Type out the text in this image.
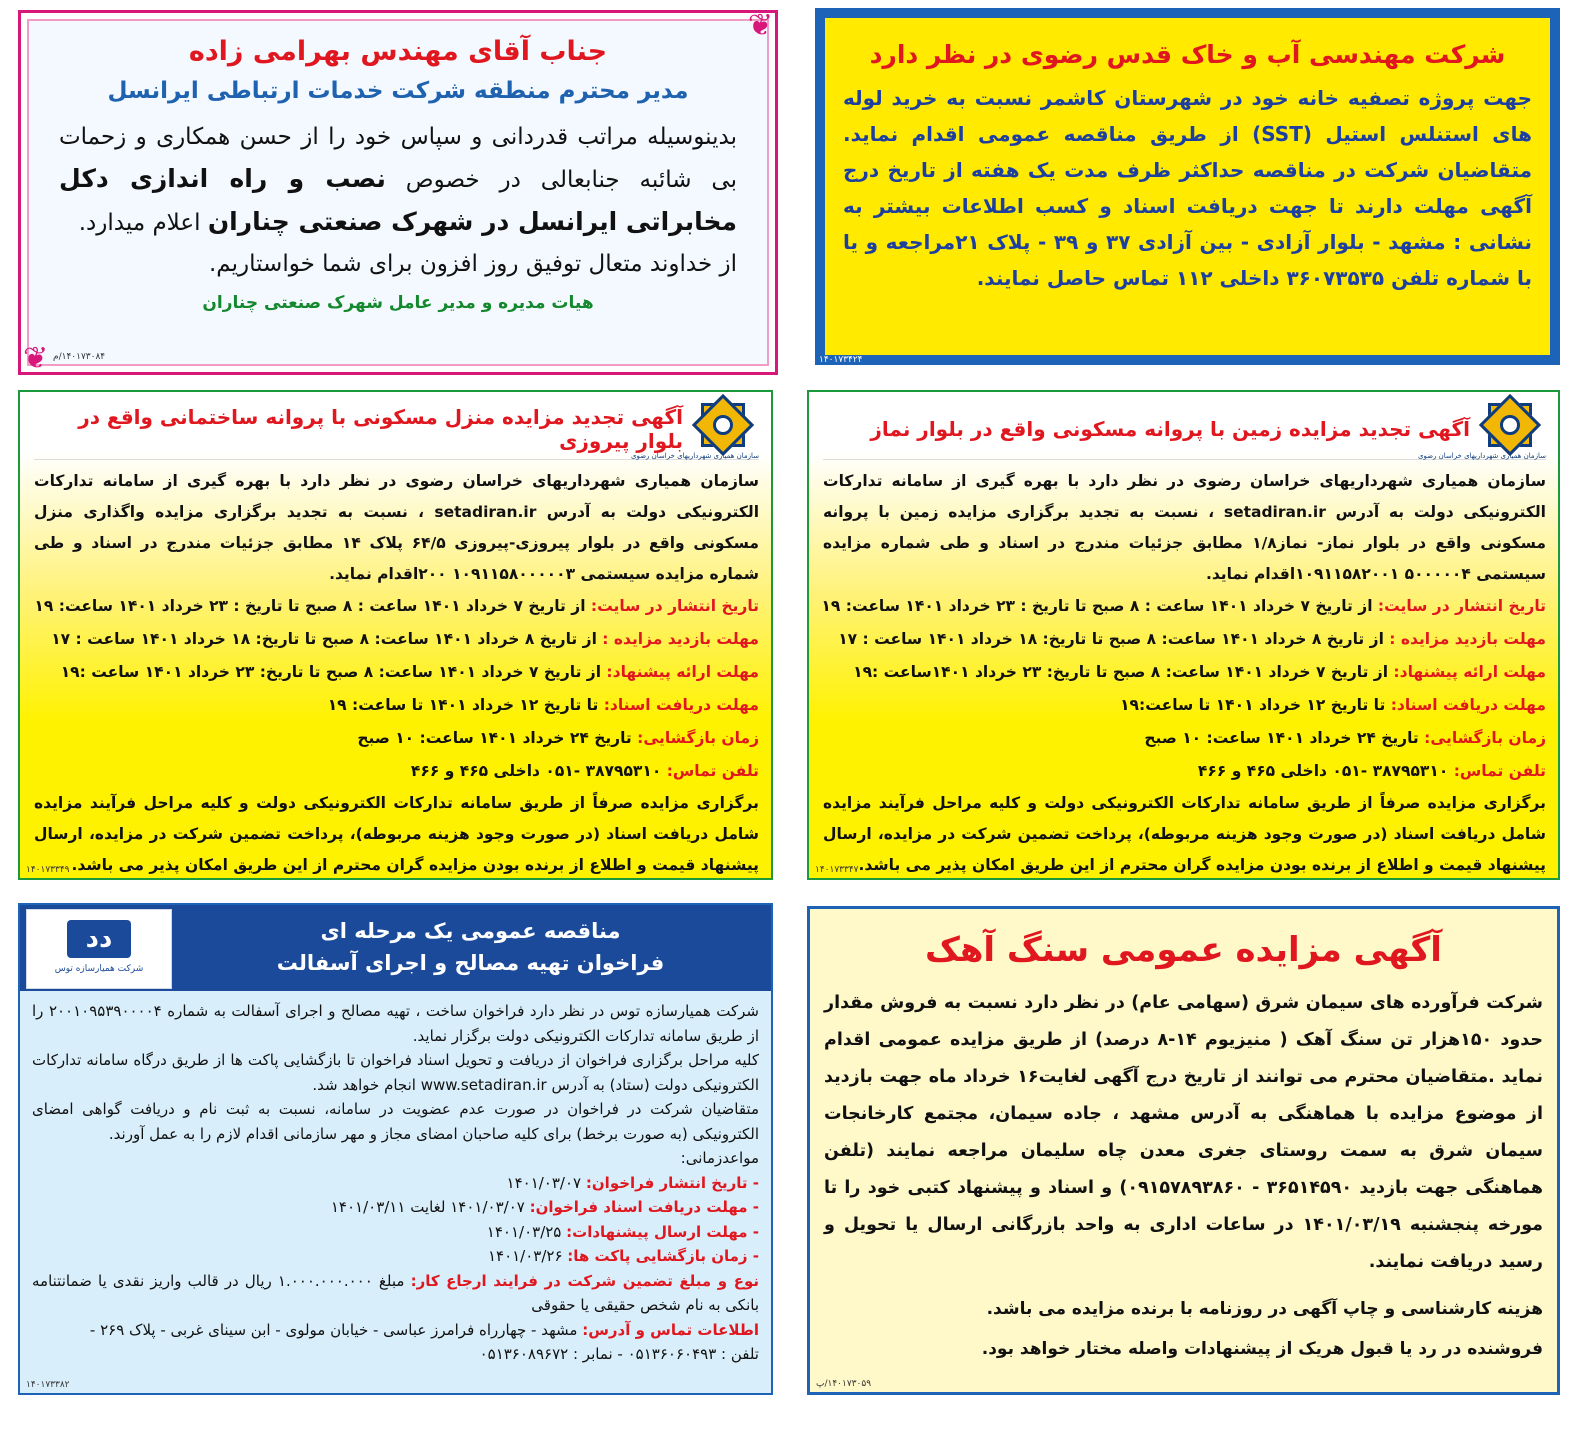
جناب آقای مهندس بهرامی زاده
مدیر محترم منطقه شرکت خدمات ارتباطی ایرانسل
بدینوسیله مراتب قدردانی و سپاس خود را از حسن همکاری و زحمات بی شائبه جنابعالی در خصوص نصب و راه اندازی دکل مخابراتی ایرانسل در شهرک صنعتی چناران اعلام میدارد.
از خداوند متعال توفیق روز افزون برای شما خواستاریم.
هیات مدیره و مدیر عامل شهرک صنعتی چناران
❦
❦ ۱۴۰۱۷۳۰۸۴/م
شرکت مهندسی آب و خاک قدس رضوی در نظر دارد
جهت پروژه تصفیه خانه خود در شهرستان کاشمر نسبت به خرید لوله های استنلس استیل (SST) از طریق مناقصه عمومی اقدام نماید. متقاضیان شرکت در مناقصه حداکثر ظرف مدت یک هفته از تاریخ درج آگهی مهلت دارند تا جهت دریافت اسناد و کسب اطلاعات بیشتر به نشانی : مشهد - بلوار آزادی - بین آزادی ۳۷ و ۳۹ - پلاک ۲۱مراجعه و یا با شماره تلفن ۳۶۰۷۳۵۳۵ داخلی ۱۱۲ تماس حاصل نمایند.
۱۴۰۱۷۳۴۲۴
سازمان همیاری شهرداریهای خراسان رضوی
آگهی تجدید مزایده زمین با پروانه مسکونی واقع در بلوار نماز
سازمان همیاری شهرداریهای خراسان رضوی در نظر دارد با بهره گیری از سامانه تدارکات الکترونیکی دولت به آدرس setadiran.ir ، نسبت به تجدید برگزاری مزایده زمین با پروانه مسکونی واقع در بلوار نماز- نماز۱/۸ مطابق جزئیات مندرج در اسناد و طی شماره مزایده سیستمی ۵۰۰۰۰۰۴ ۱۰۹۱۱۵۸۲۰۰۱اقدام نماید.
تاریخ انتشار در سایت: از تاریخ ۷ خرداد ۱۴۰۱ ساعت : ۸ صبح تا تاریخ : ۲۳ خرداد ۱۴۰۱ ساعت: ۱۹
مهلت بازدید مزایده : از تاریخ ۸ خرداد ۱۴۰۱ ساعت: ۸ صبح تا تاریخ: ۱۸ خرداد ۱۴۰۱ ساعت : ۱۷
مهلت ارائه پیشنهاد: از تاریخ ۷ خرداد ۱۴۰۱ ساعت: ۸ صبح تا تاریخ: ۲۳ خرداد ۱۴۰۱ساعت :۱۹
مهلت دریافت اسناد: تا تاریخ ۱۲ خرداد ۱۴۰۱ تا ساعت:۱۹
زمان بازگشایی: تاریخ ۲۴ خرداد ۱۴۰۱ ساعت: ۱۰ صبح
تلفن تماس: ۳۸۷۹۵۳۱۰ -۰۵۱ داخلی ۴۶۵ و ۴۶۶
برگزاری مزایده صرفاً از طریق سامانه تدارکات الکترونیکی دولت و کلیه مراحل فرآیند مزایده شامل دریافت اسناد (در صورت وجود هزینه مربوطه)، پرداخت تضمین شرکت در مزایده، ارسال پیشنهاد قیمت و اطلاع از برنده بودن مزایده گران محترم از این طریق امکان پذیر می باشد.
۱۴۰۱۷۳۳۴۷
سازمان همیاری شهرداریهای خراسان رضوی
آگهی تجدید مزایده منزل مسکونی با پروانه ساختمانی واقع در بلوار پیروزی
سازمان همیاری شهرداریهای خراسان رضوی در نظر دارد با بهره گیری از سامانه تدارکات الکترونیکی دولت به آدرس setadiran.ir ، نسبت به تجدید برگزاری مزایده واگذاری منزل مسکونی واقع در بلوار پیروزی-پیروزی ۶۴/۵ پلاک ۱۴ مطابق جزئیات مندرج در اسناد و طی شماره مزایده سیستمی ۱۰۹۱۱۵۸۰۰۰۰۰۳ ۲۰۰اقدام نماید.
تاریخ انتشار در سایت: از تاریخ ۷ خرداد ۱۴۰۱ ساعت : ۸ صبح تا تاریخ : ۲۳ خرداد ۱۴۰۱ ساعت: ۱۹
مهلت بازدید مزایده : از تاریخ ۸ خرداد ۱۴۰۱ ساعت: ۸ صبح تا تاریخ: ۱۸ خرداد ۱۴۰۱ ساعت : ۱۷
مهلت ارائه پیشنهاد: از تاریخ ۷ خرداد ۱۴۰۱ ساعت: ۸ صبح تا تاریخ: ۲۳ خرداد ۱۴۰۱ ساعت :۱۹
مهلت دریافت اسناد: تا تاریخ ۱۲ خرداد ۱۴۰۱ تا ساعت: ۱۹
زمان بازگشایی: تاریخ ۲۴ خرداد ۱۴۰۱ ساعت: ۱۰ صبح
تلفن تماس: ۳۸۷۹۵۳۱۰ -۰۵۱ داخلی ۴۶۵ و ۴۶۶
برگزاری مزایده صرفاً از طریق سامانه تدارکات الکترونیکی دولت و کلیه مراحل فرآیند مزایده شامل دریافت اسناد (در صورت وجود هزینه مربوطه)، پرداخت تضمین شرکت در مزایده، ارسال پیشنهاد قیمت و اطلاع از برنده بودن مزایده گران محترم از این طریق امکان پذیر می باشد.
۱۴۰۱۷۳۳۴۹
دد
شرکت همیارسازه توس
مناقصه عمومی یک مرحله ای
فراخوان تهیه مصالح و اجرای آسفالت
شرکت همیارسازه توس در نظر دارد فراخوان ساخت ، تهیه مصالح و اجرای آسفالت به شماره ۲۰۰۱۰۹۵۳۹۰۰۰۰۴ را از طریق سامانه تدارکات الکترونیکی دولت برگزار نماید.
کلیه مراحل برگزاری فراخوان از دریافت و تحویل اسناد فراخوان تا بازگشایی پاکت ها از طریق درگاه سامانه تدارکات الکترونیکی دولت (ستاد) به آدرس www.setadiran.ir انجام خواهد شد.
متقاضیان شرکت در فراخوان در صورت عدم عضویت در سامانه، نسبت به ثبت نام و دریافت گواهی امضای الکترونیکی (به صورت برخط) برای کلیه صاحبان امضای مجاز و مهر سازمانی اقدام لازم را به عمل آورند.
مواعدزمانی:
- تاریخ انتشار فراخوان: ۱۴۰۱/۰۳/۰۷
- مهلت دریافت اسناد فراخوان: ۱۴۰۱/۰۳/۰۷ لغایت ۱۴۰۱/۰۳/۱۱
- مهلت ارسال پیشنهادات: ۱۴۰۱/۰۳/۲۵
- زمان بازگشایی پاکت ها: ۱۴۰۱/۰۳/۲۶
نوع و مبلغ تضمین شرکت در فرایند ارجاع کار: مبلغ ۱.۰۰۰.۰۰۰.۰۰۰ ریال در قالب واریز نقدی یا ضمانتنامه بانکی به نام شخص حقیقی یا حقوقی
اطلاعات تماس و آدرس: مشهد - چهارراه فرامرز عباسی - خیابان مولوی - ابن سینای غربی - پلاک ۲۶۹ -
تلفن : ۰۵۱۳۶۰۶۰۴۹۳ - نمابر : ۰۵۱۳۶۰۸۹۶۷۲
۱۴۰۱۷۳۳۸۲
آگهی مزایده عمومی سنگ آهک
شرکت فرآورده های سیمان شرق (سهامی عام) در نظر دارد نسبت به فروش مقدار حدود ۱۵۰هزار تن سنگ آهک ( منیزیوم ۱۴-۸ درصد) از طریق مزایده عمومی اقدام نماید .متقاضیان محترم می توانند از تاریخ درج آگهی لغایت۱۶ خرداد ماه جهت بازدید از موضوع مزایده با هماهنگی به آدرس مشهد ، جاده سیمان، مجتمع کارخانجات سیمان شرق به سمت روستای جغری معدن چاه سلیمان مراجعه نمایند (تلفن هماهنگی جهت بازدید ۳۶۵۱۴۵۹۰ - ۰۹۱۵۷۸۹۳۸۶۰) و اسناد و پیشنهاد کتبی خود را تا مورخه پنجشنبه ۱۴۰۱/۰۳/۱۹ در ساعات اداری به واحد بازرگانی ارسال یا تحویل و رسید دریافت نمایند.
هزینه کارشناسی و چاپ آگهی در روزنامه با برنده مزایده می باشد.
فروشنده در رد یا قبول هریک از پیشنهادات واصله مختار خواهد بود.
۱۴۰۱۷۳۰۵۹/پ
